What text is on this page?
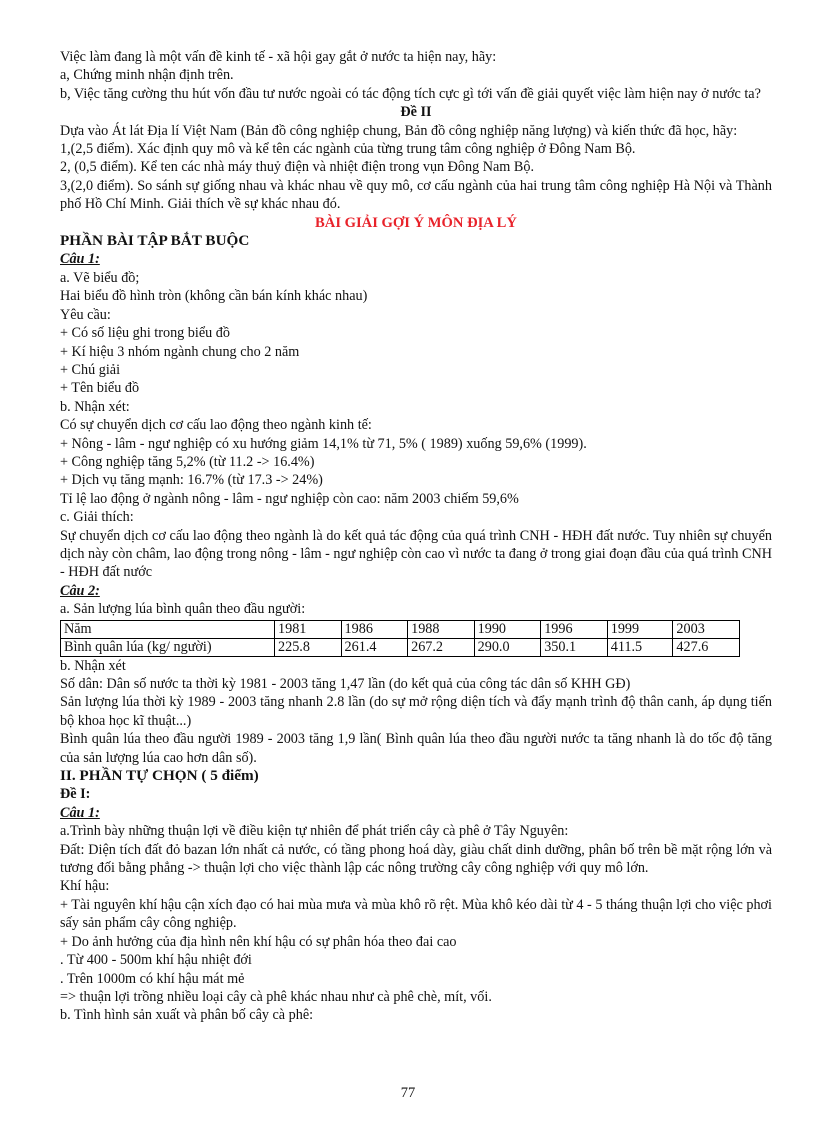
Việc làm đang là một vấn đề kinh tế - xã hội gay gắt ở nước ta hiện nay, hãy:

a, Chứng minh nhận định trên.

b, Việc tăng cường thu hút vốn đầu tư nước ngoài có tác động tích cực gì tới vấn đề giải quyết việc làm hiện nay ở nước ta?

Đề II

Dựa vào Át lát Địa lí Việt Nam (Bản đồ công nghiệp chung, Bản đồ công nghiệp năng lượng) và kiến thức đã học, hãy:

1,(2,5 điểm). Xác định quy mô và kể tên các ngành của từng trung tâm công nghiệp ở Đông Nam Bộ.

2, (0,5 điểm). Kể ten các nhà máy thuỷ điện và nhiệt điện trong vụn Đông Nam Bộ.

3,(2,0 điểm). So sánh sự giống nhau và khác nhau về quy mô, cơ cấu ngành của hai trung tâm công nghiệp Hà Nội và Thành phố Hồ Chí Minh. Giải thích về sự khác nhau đó.

BÀI GIẢI GỢI Ý MÔN ĐỊA LÝ

PHẦN BÀI TẬP BẮT BUỘC

Câu 1:

a. Vẽ biểu đồ;

Hai biểu đồ hình tròn (không cần bán kính khác nhau)

Yêu cầu:

+ Có số liệu ghi trong biểu đồ

+ Kí hiệu 3 nhóm ngành chung cho 2 năm

+ Chú giải

+ Tên biểu đồ

b. Nhận xét:

Có sự chuyển dịch cơ cấu lao động theo ngành kinh tế:

+ Nông - lâm - ngư nghiệp có xu hướng giảm 14,1% từ 71, 5% ( 1989) xuống 59,6% (1999).

+ Công nghiệp tăng 5,2% (từ 11.2 -> 16.4%)

+ Dịch vụ tăng mạnh: 16.7% (từ 17.3 -> 24%)

Tỉ lệ lao động ở ngành nông - lâm - ngư nghiệp còn cao: năm 2003 chiếm 59,6%

c. Giải thích:

Sự chuyển dịch cơ cấu lao động theo ngành là do kết quả tác động của quá trình CNH - HĐH đất nước. Tuy nhiên sự chuyển dịch này còn châm, lao động trong nông - lâm - ngư nghiệp còn cao vì nước ta đang ở trong giai đoạn đầu của quá trình CNH - HĐH đất nước

Câu 2:

a. Sản lượng lúa bình quân theo đầu người:

Năm	1981	1986	1988	1990	1996	1999	2003
Bình quân lúa (kg/ người)	225.8	261.4	267.2	290.0	350.1	411.5	427.6

b. Nhận xét

Số dân: Dân số nước ta thời kỳ 1981 - 2003 tăng 1,47 lần (do kết quả của công tác dân số KHH GĐ)

Sản lượng lúa thời kỳ 1989 - 2003 tăng nhanh 2.8 lần (do sự mở rộng diện tích và đẩy mạnh trình độ thân canh, áp dụng tiến bộ khoa học kĩ thuật...)

Bình quân lúa theo đầu người 1989 - 2003 tăng 1,9 lần( Bình quân lúa theo đầu người nước ta tăng nhanh là do tốc độ tăng của sản lượng lúa cao hơn dân số).

II. PHẦN TỰ CHỌN ( 5 điểm)

Đề I:

Câu 1:

a.Trình bày những thuận lợi về điều kiện tự nhiên để phát triển cây cà phê ở Tây Nguyên:

Đất: Diện tích đất đỏ bazan lớn nhất cả nước, có tầng phong hoá dày, giàu chất dinh dưỡng, phân bố trên bề mặt rộng lớn và tương đối bằng phẳng -> thuận lợi cho việc thành lập các nông trường cây công nghiệp với quy mô lớn.

Khí hậu:

+ Tài nguyên khí hậu cận xích đạo có hai mùa mưa và mùa khô rõ rệt. Mùa khô kéo dài từ 4 - 5 tháng thuận lợi cho việc phơi sấy sản phẩm cây công nghiệp.

+ Do ảnh hưởng của địa hình nên khí hậu có sự phân hóa theo đai cao

. Từ 400 - 500m khí hậu nhiệt đới

. Trên 1000m có khí hậu mát mẻ

=> thuận lợi trồng nhiều loại cây cà phê khác nhau như cà phê chè, mít, vối.

b. Tình hình sản xuất và phân bố cây cà phê:

77
